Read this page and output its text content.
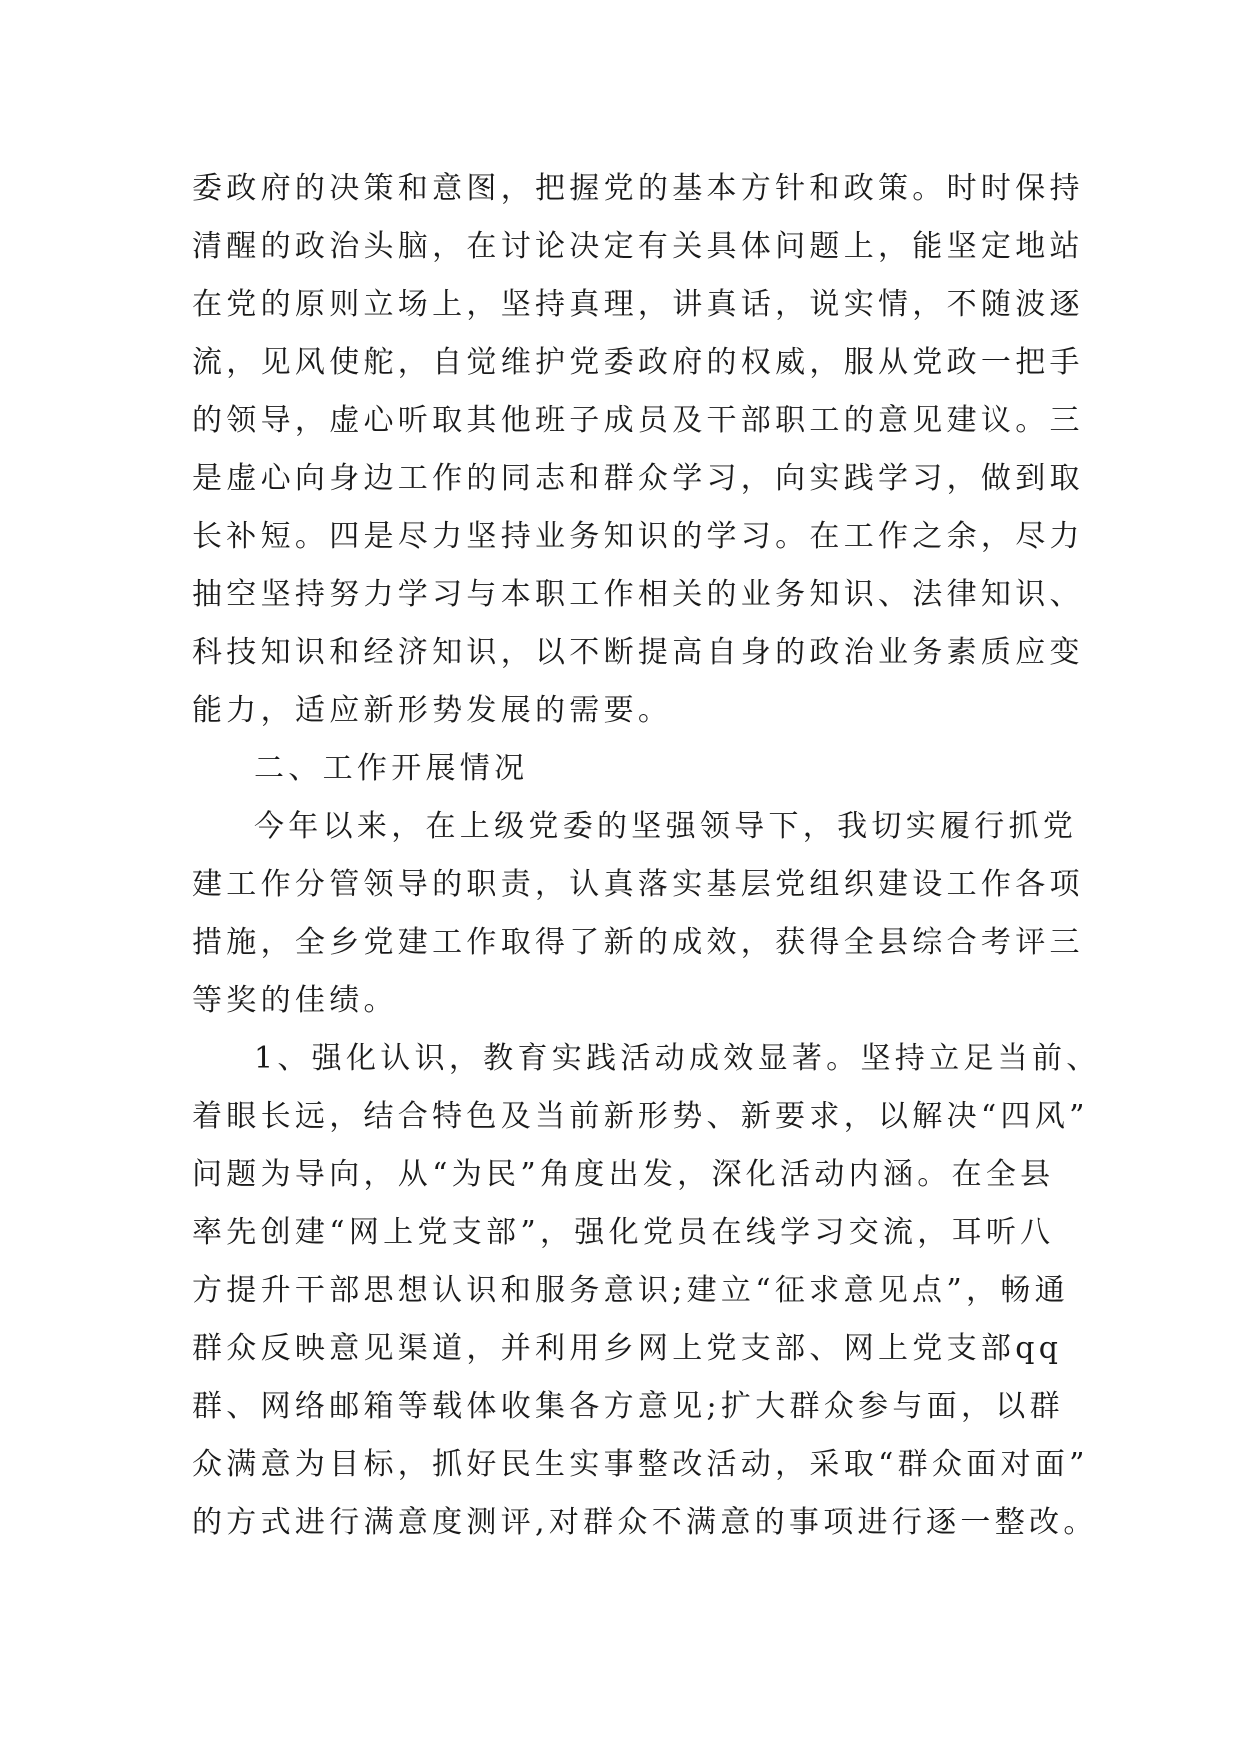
委政府的决策和意图，把握党的基本方针和政策。时时保持
清醒的政治头脑，在讨论决定有关具体问题上，能坚定地站
在党的原则立场上，坚持真理，讲真话，说实情，不随波逐
流，见风使舵，自觉维护党委政府的权威，服从党政一把手
的领导，虚心听取其他班子成员及干部职工的意见建议。三
是虚心向身边工作的同志和群众学习，向实践学习，做到取
长补短。四是尽力坚持业务知识的学习。在工作之余，尽力
抽空坚持努力学习与本职工作相关的业务知识、法律知识、
科技知识和经济知识，以不断提高自身的政治业务素质应变
能力，适应新形势发展的需要。
二、工作开展情况
今年以来，在上级党委的坚强领导下，我切实履行抓党
建工作分管领导的职责，认真落实基层党组织建设工作各项
措施，全乡党建工作取得了新的成效，获得全县综合考评三
等奖的佳绩。
1、强化认识，教育实践活动成效显著。坚持立足当前、
着眼长远，结合特色及当前新形势、新要求，以解决“四风”
问题为导向，从“为民”角度出发，深化活动内涵。在全县
率先创建“网上党支部”，强化党员在线学习交流，耳听八
方提升干部思想认识和服务意识;建立“征求意见点”，畅通
群众反映意见渠道，并利用乡网上党支部、网上党支部qq
群、网络邮箱等载体收集各方意见;扩大群众参与面，以群
众满意为目标，抓好民生实事整改活动，采取“群众面对面”
的方式进行满意度测评,对群众不满意的事项进行逐一整改。
